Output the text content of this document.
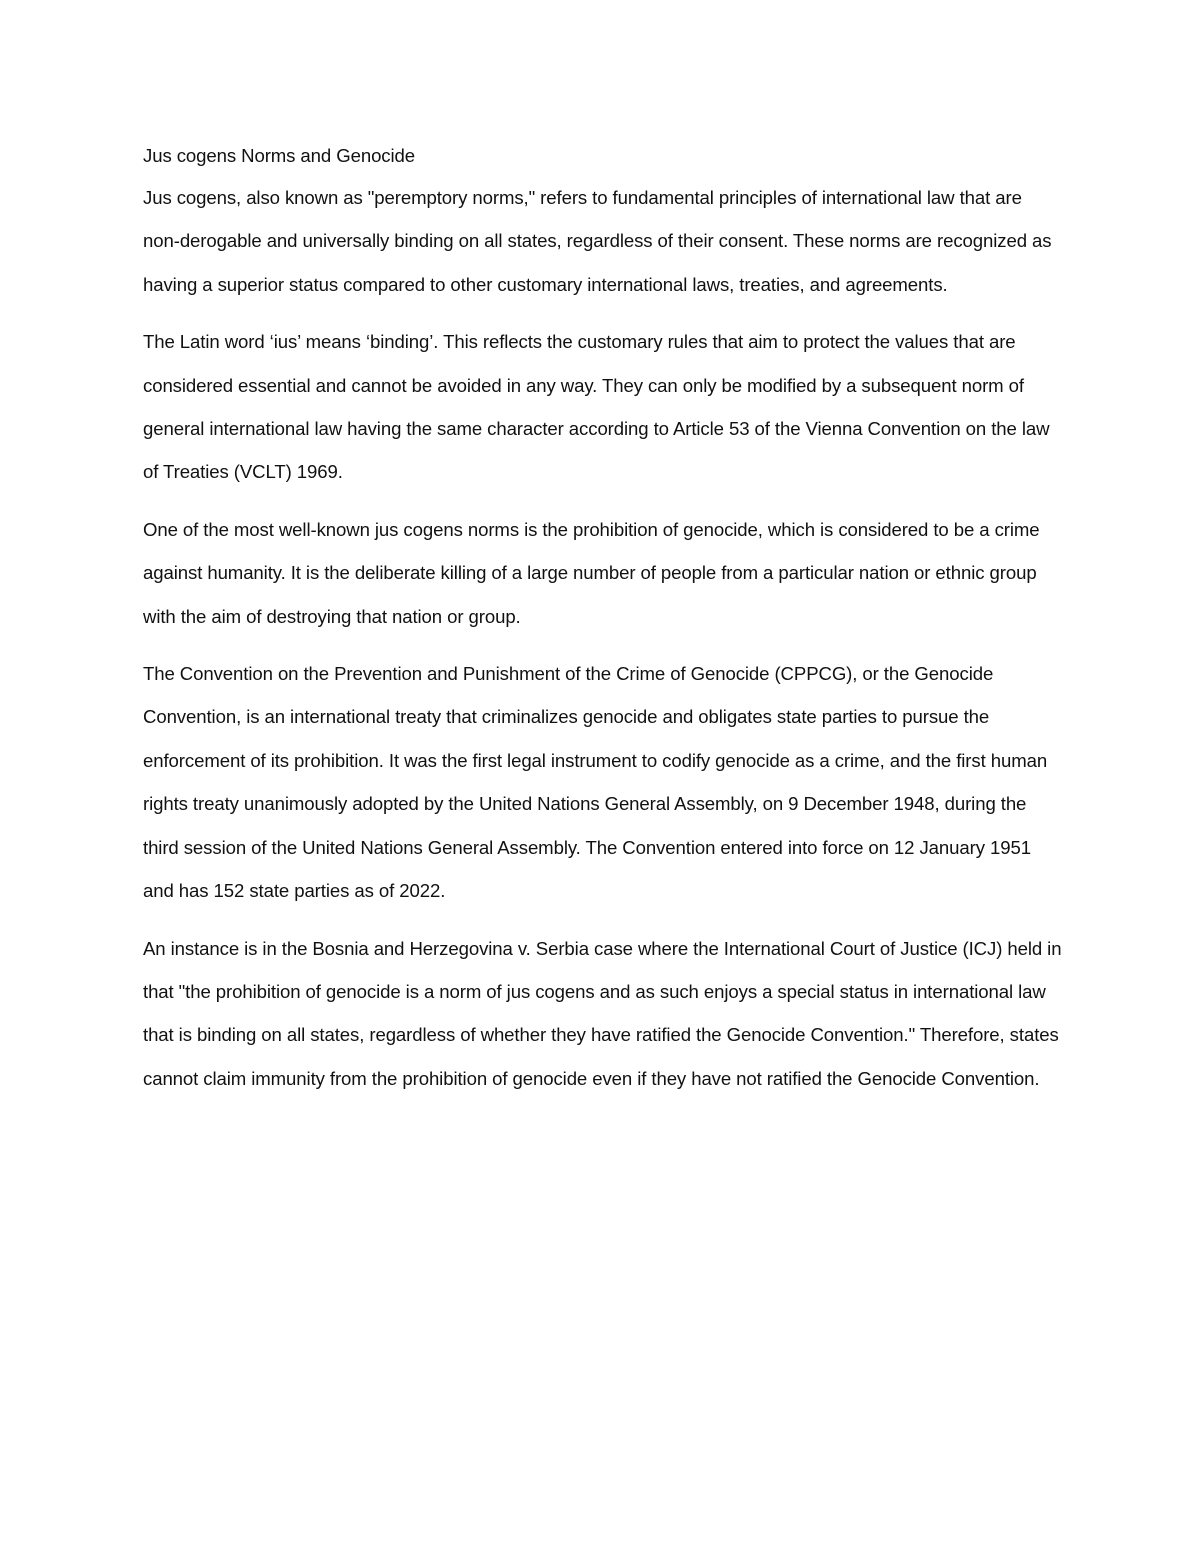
Jus cogens Norms and Genocide

Jus cogens, also known as "peremptory norms," refers to fundamental principles of international law that are non-derogable and universally binding on all states, regardless of their consent. These norms are recognized as having a superior status compared to other customary international laws, treaties, and agreements.

The Latin word ‘ius’ means ‘binding’. This reflects the customary rules that aim to protect the values that are considered essential and cannot be avoided in any way. They can only be modified by a subsequent norm of general international law having the same character according to Article 53 of the Vienna Convention on the law of Treaties (VCLT) 1969.

One of the most well-known jus cogens norms is the prohibition of genocide, which is considered to be a crime against humanity. It is the deliberate killing of a large number of people from a particular nation or ethnic group with the aim of destroying that nation or group.

The Convention on the Prevention and Punishment of the Crime of Genocide (CPPCG), or the Genocide Convention, is an international treaty that criminalizes genocide and obligates state parties to pursue the enforcement of its prohibition. It was the first legal instrument to codify genocide as a crime, and the first human rights treaty unanimously adopted by the United Nations General Assembly, on 9 December 1948, during the third session of the United Nations General Assembly. The Convention entered into force on 12 January 1951 and has 152 state parties as of 2022.

An instance is in the Bosnia and Herzegovina v. Serbia case where the International Court of Justice (ICJ) held in that "the prohibition of genocide is a norm of jus cogens and as such enjoys a special status in international law that is binding on all states, regardless of whether they have ratified the Genocide Convention." Therefore, states cannot claim immunity from the prohibition of genocide even if they have not ratified the Genocide Convention.
